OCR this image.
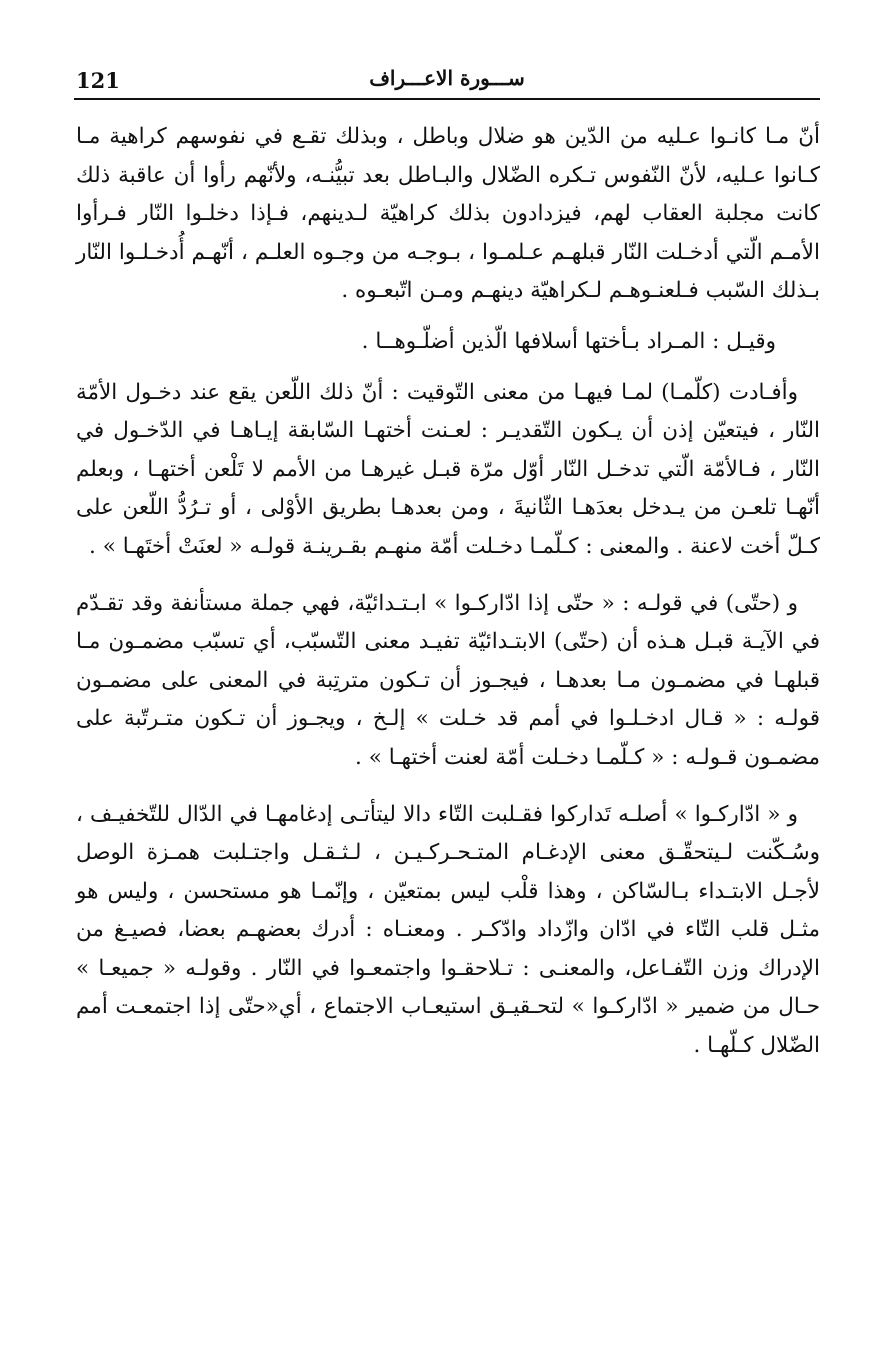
121	ســـورة الاعـــراف

أنّ مـا كانـوا عـليه من الدّين هو ضلال وباطل ، وبذلك تقـع في نفوسهم كراهية مـا كـانوا عـليه، لأنّ النّفوس تـكره الضّلال والبـاطل بعد تبيُّنـه، ولأنّهم رأوا أن عاقبة ذلك كانت مجلبة العقاب لهم، فيزدادون بذلك كراهيّة لـدينهم، فـإذا دخلـوا النّار فـرأوا الأمـم الّتي أدخـلت النّار قبلهـم عـلمـوا ، بـوجـه من وجـوه العلـم ، أنّهـم أُدخـلـوا النّار بـذلك السّبب فـلعنـوهـم لـكراهيّة دينهـم ومـن اتّبعـوه .

وقيـل : المـراد بـأختها أسلافها الّذين أضلّـوهــا .

وأفـادت (كلّمـا) لمـا فيهـا من معنى التّوقيت : أنّ ذلك اللّعن يقع عند دخـول الأمّة النّار ، فيتعيّن إذن أن يـكون التّقديـر : لعـنت أختهـا السّابقة إيـاهـا في الدّخـول في النّار ، فـالأمّة الّتي تدخـل النّار أوّل مرّة قبـل غيرهـا من الأمم لا تَلْعن أختهـا ، وبعلم أنّهـا تلعـن من يـدخل بعدَهـا الثّانيةَ ، ومن بعدهـا بطريق الأوْلى ، أو تـرُدُّ اللّعن على كـلّ أخت لاعنة . والمعنى : كـلّمـا دخـلت أمّة منهـم بقـرينـة قولـه « لعنَتْ أختَهـا » .

و (حتّى) في قولـه : « حتّى إذا ادّاركـوا » ابـتـدائيّة، فهي جملة مستأنفة وقد تقـدّم في الآيـة قبـل هـذه أن (حتّى) الابتـدائيّة تفيـد معنى التّسبّب، أي تسبّب مضمـون مـا قبلهـا في مضمـون مـا بعدهـا ، فيجـوز أن تـكون مترتِبة في المعنى على مضمـون قولـه : « قـال ادخـلـوا في أمم قد خـلت » إلـخ ، ويجـوز أن تـكون متـرتّبة على مضمـون قـولـه : « كـلّمـا دخـلت أمّة لعنت أختهـا » .

و « ادّاركـوا » أصلـه تَداركوا فقـلبت التّاء دالا ليتأتـى إدغامهـا في الدّال للتّخفيـف ، وسُـكّنت لـيتحقّـق معنى الإدغـام المتـحـركـيـن ، لـثـقـل واجتـلبت همـزة الوصل لأجـل الابتـداء بـالسّاكن ، وهذا قلْب ليس بمتعيّن ، وإنّمـا هو مستحسن ، وليس هو مثـل قلب التّاء في ادّان وازّداد وادّكـر . ومعنـاه : أدرك بعضهـم بعضا، فصيـغ من الإدراك وزن التّفـاعل، والمعنـى : تـلاحقـوا واجتمعـوا في النّار . وقولـه « جميعـا » حـال من ضمير « ادّاركـوا » لتحـقيـق استيعـاب الاجتماع ، أي«حتّى إذا اجتمعـت أمم الضّلال كـلّهـا .
